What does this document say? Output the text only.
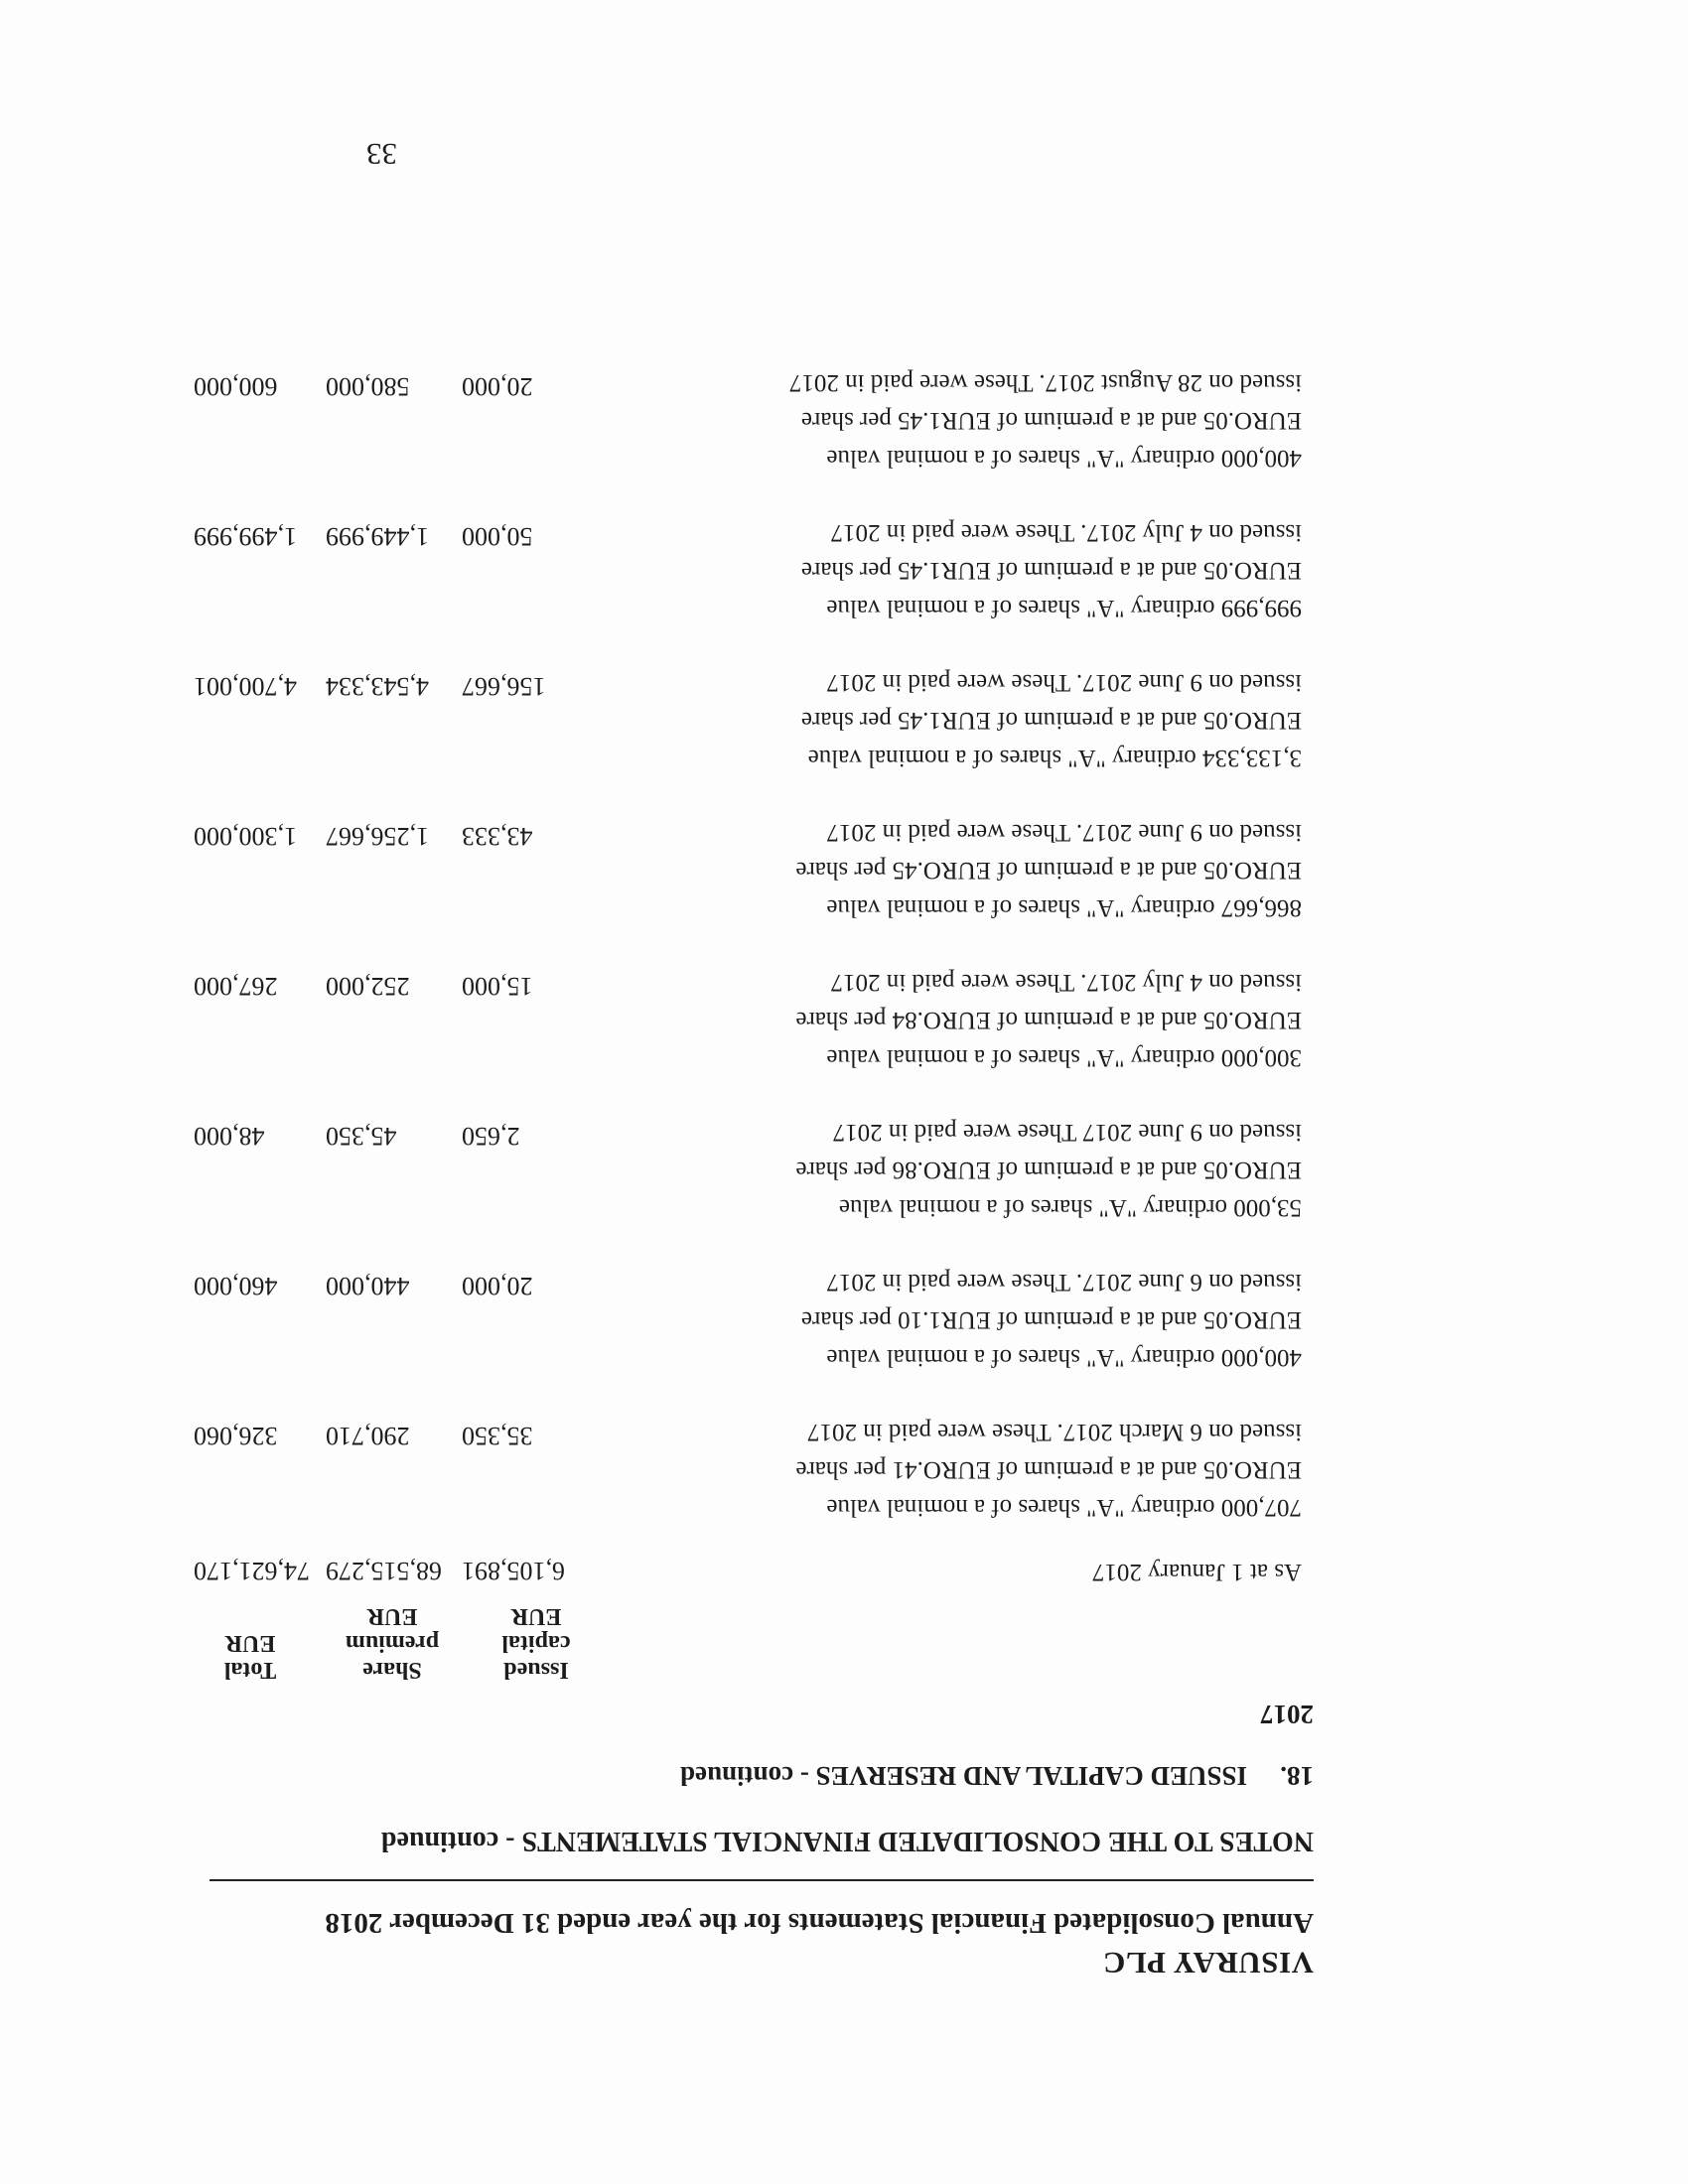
VISURAY PLC
Annual Consolidated Financial Statements for the year ended 31 December 2018
NOTES TO THE CONSOLIDATED FINANCIAL STATEMENTS - continued
18.
ISSUED CAPITAL AND RESERVES - continued
2017
Issued
capital
EUR
Share
premium
EUR
Total
EUR
As at 1 January 2017
6,105,891
68,515,279
74,621,170
707,000 ordinary "A" shares of a nominal value
EURO.05 and at a premium of EURO.41 per share
issued on 6 March 2017. These were paid in 2017
35,350
290,710
326,060
400,000 ordinary "A" shares of a nominal value
EURO.05 and at a premium of EUR1.10 per share
issued on 6 June 2017. These were paid in 2017
20,000
440,000
460,000
53,000 ordinary "A" shares of a nominal value
EURO.05 and at a premium of EURO.86 per share
issued on 9 June 2017 These were paid in 2017
2,650
45,350
48,000
300,000 ordinary "A" shares of a nominal value
EURO.05 and at a premium of EURO.84 per share
issued on 4 July 2017. These were paid in 2017
15,000
252,000
267,000
866,667 ordinary "A" shares of a nominal value
EURO.05 and at a premium of EURO.45 per share
issued on 9 June 2017. These were paid in 2017
43,333
1,256,667
1,300,000
3,133,334 ordinary "A" shares of a nominal value
EURO.05 and at a premium of EUR1.45 per share
issued on 9 June 2017. These were paid in 2017
156,667
4,543,334
4,700,001
999,999 ordinary "A" shares of a nominal value
EURO.05 and at a premium of EUR1.45 per share
issued on 4 July 2017. These were paid in 2017
50,000
1,449,999
1,499,999
400,000 ordinary "A" shares of a nominal value
EURO.05 and at a premium of EUR1.45 per share
issued on 28 August 2017. These were paid in 2017
20,000
580,000
600,000
33
